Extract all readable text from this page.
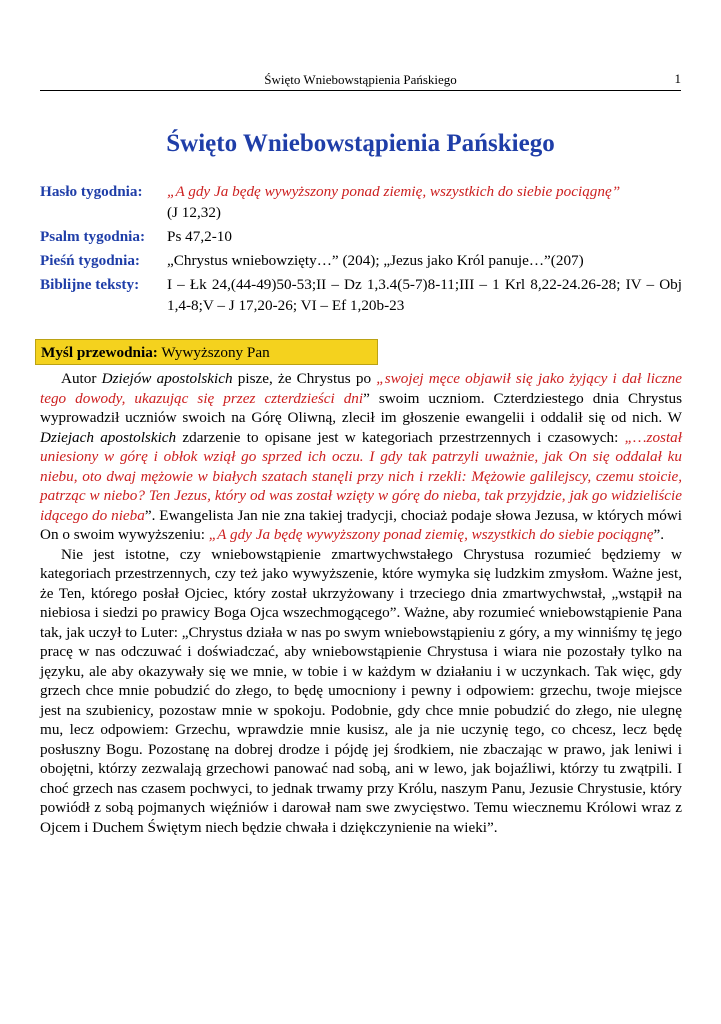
Święto Wniebowstąpienia Pańskiego	1
Święto Wniebowstąpienia Pańskiego
Hasło tygodnia:	„A gdy Ja będę wywyższony ponad ziemię, wszystkich do siebie pociągnę”
(J 12,32)
Psalm tygodnia:	Ps 47,2-10
Pieśń tygodnia:	„Chrystus wniebowzięty…” (204); „Jezus jako Król panuje…”(207)
Biblijne teksty:	I – Łk 24,(44-49)50-53;II – Dz 1,3.4(5-7)8-11;III – 1 Krl 8,22-24.26-28; IV – Obj 1,4-8;V – J 17,20-26; VI – Ef 1,20b-23
Myśl przewodnia: Wywyższony Pan

Autor Dziejów apostolskich pisze, że Chrystus po „swojej męce objawił się jako żyjący i dał liczne tego dowody, ukazując się przez czterdzieści dni” swoim uczniom. Czterdziestego dnia Chrystus wyprowadził uczniów swoich na Górę Oliwną, zlecił im głoszenie ewangelii i oddalił się od nich. W Dziejach apostolskich zdarzenie to opisane jest w kategoriach przestrzennych i czasowych: „…został uniesiony w górę i obłok wziął go sprzed ich oczu. I gdy tak patrzyli uważnie, jak On się oddalał ku niebu, oto dwaj mężowie w białych szatach stanęli przy nich i rzekli: Mężowie galilejscy, czemu stoicie, patrząc w niebo? Ten Jezus, który od was został wzięty w górę do nieba, tak przyjdzie, jak go widzieliście idącego do nieba”. Ewangelista Jan nie zna takiej tradycji, chociaż podaje słowa Jezusa, w których mówi On o swoim wywyższeniu: „A gdy Ja będę wywyższony ponad ziemię, wszystkich do siebie pociągnę”.

Nie jest istotne, czy wniebowstąpienie zmartwychwstałego Chrystusa rozumieć będziemy w kategoriach przestrzennych, czy też jako wywyższenie, które wymyka się ludzkim zmysłom. Ważne jest, że Ten, którego posłał Ojciec, który został ukrzyżowany i trzeciego dnia zmartwychwstał, „wstąpił na niebiosa i siedzi po prawicy Boga Ojca wszechmogącego”. Ważne, aby rozumieć wniebowstąpienie Pana tak, jak uczył to Luter: „Chrystus działa w nas po swym wniebowstąpieniu z góry, a my winniśmy tę jego pracę w nas odczuwać i doświadczać, aby wniebowstąpienie Chrystusa i wiara nie pozostały tylko na języku, ale aby okazywały się we mnie, w tobie i w każdym w działaniu i w uczynkach. Tak więc, gdy grzech chce mnie pobudzić do złego, to będę umocniony i pewny i odpowiem: grzechu, twoje miejsce jest na szubienicy, pozostaw mnie w spokoju. Podobnie, gdy chce mnie pobudzić do złego, nie ulegnę mu, lecz odpowiem: Grzechu, wprawdzie mnie kusisz, ale ja nie uczynię tego, co chcesz, lecz będę posłuszny Bogu. Pozostanę na dobrej drodze i pójdę jej środkiem, nie zbaczając w prawo, jak leniwi i obojętni, którzy zezwalają grzechowi panować nad sobą, ani w lewo, jak bojaźliwi, którzy tu zwątpili. I choć grzech nas czasem pochwyci, to jednak trwamy przy Królu, naszym Panu, Jezusie Chrystusie, który powiódł z sobą pojmanych więźniów i darował nam swe zwycięstwo. Temu wiecznemu Królowi wraz z Ojcem i Duchem Świętym niech będzie chwała i dziękczynienie na wieki”.
